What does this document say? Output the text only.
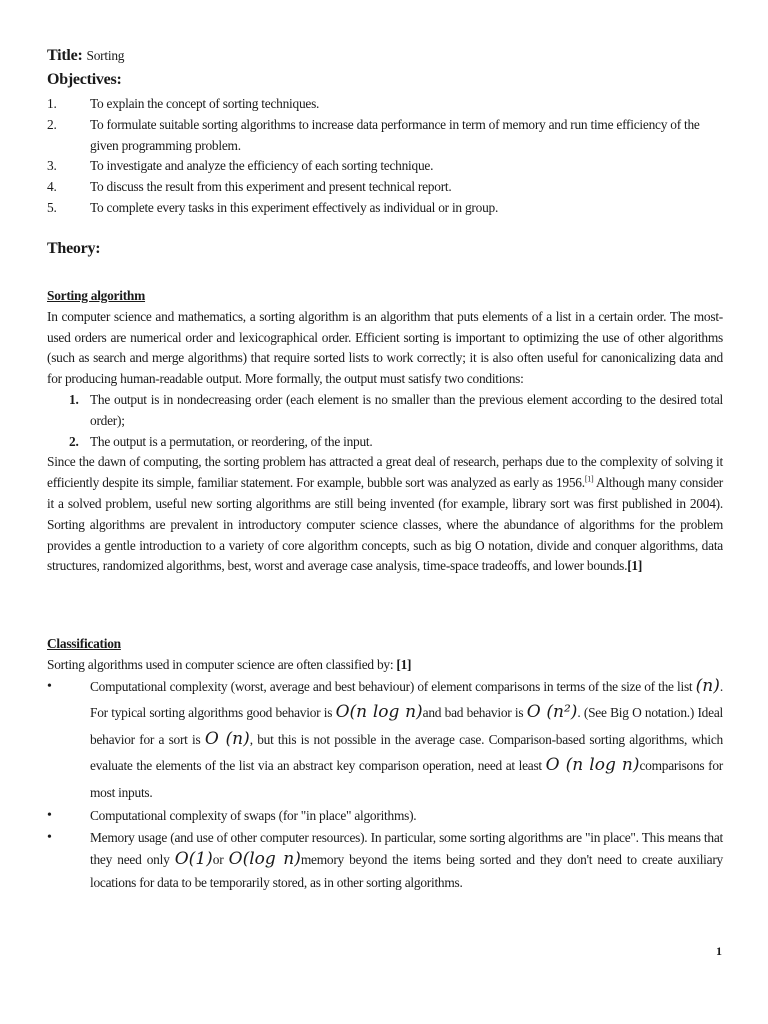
Title: Sorting
Objectives:
1. To explain the concept of sorting techniques.
2. To formulate suitable sorting algorithms to increase data performance in term of memory and run time efficiency of the given programming problem.
3. To investigate and analyze the efficiency of each sorting technique.
4. To discuss the result from this experiment and present technical report.
5. To complete every tasks in this experiment effectively as individual or in group.
Theory:
Sorting algorithm
In computer science and mathematics, a sorting algorithm is an algorithm that puts elements of a list in a certain order. The most-used orders are numerical order and lexicographical order. Efficient sorting is important to optimizing the use of other algorithms (such as search and merge algorithms) that require sorted lists to work correctly; it is also often useful for canonicalizing data and for producing human-readable output. More formally, the output must satisfy two conditions:
1. The output is in nondecreasing order (each element is no smaller than the previous element according to the desired total order);
2. The output is a permutation, or reordering, of the input.
Since the dawn of computing, the sorting problem has attracted a great deal of research, perhaps due to the complexity of solving it efficiently despite its simple, familiar statement. For example, bubble sort was analyzed as early as 1956.[1] Although many consider it a solved problem, useful new sorting algorithms are still being invented (for example, library sort was first published in 2004). Sorting algorithms are prevalent in introductory computer science classes, where the abundance of algorithms for the problem provides a gentle introduction to a variety of core algorithm concepts, such as big O notation, divide and conquer algorithms, data structures, randomized algorithms, best, worst and average case analysis, time-space tradeoffs, and lower bounds.[1]
Classification
Sorting algorithms used in computer science are often classified by: [1]
•	Computational complexity (worst, average and best behaviour) of element comparisons in terms of the size of the list (n). For typical sorting algorithms good behavior is O(n log n)and bad behavior is O (n²). (See Big O notation.) Ideal behavior for a sort is O (n), but this is not possible in the average case. Comparison-based sorting algorithms, which evaluate the elements of the list via an abstract key comparison operation, need at least O (n log n)comparisons for most inputs.
•	Computational complexity of swaps (for "in place" algorithms).
•	Memory usage (and use of other computer resources). In particular, some sorting algorithms are "in place". This means that they need only O(1)or O(log n)memory beyond the items being sorted and they don't need to create auxiliary locations for data to be temporarily stored, as in other sorting algorithms.
1
